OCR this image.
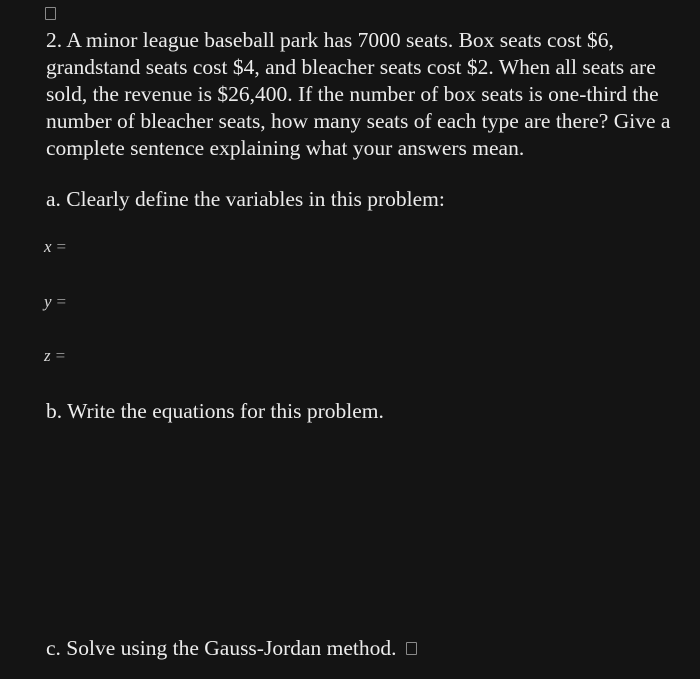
2. A minor league baseball park has 7000 seats. Box seats cost $6,
grandstand seats cost $4, and bleacher seats cost $2. When all seats are
sold, the revenue is $26,400. If the number of box seats is one-third the
number of bleacher seats, how many seats of each type are there? Give a
complete sentence explaining what your answers mean.

a. Clearly define the variables in this problem:

x =
y =
z =

b. Write the equations for this problem.

c. Solve using the Gauss-Jordan method.
